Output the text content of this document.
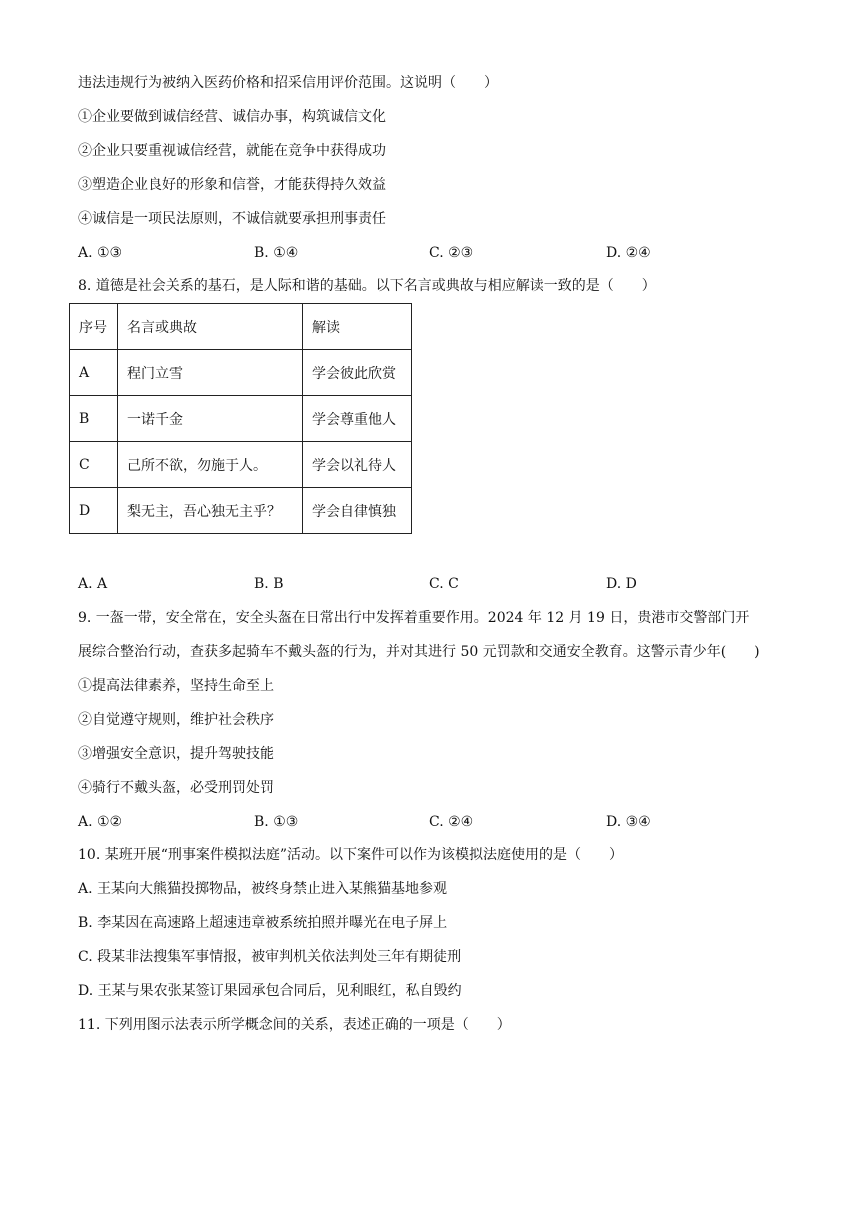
违法违规行为被纳入医药价格和招采信用评价范围。这说明（　　）
①企业要做到诚信经营、诚信办事，构筑诚信文化
②企业只要重视诚信经营，就能在竞争中获得成功
③塑造企业良好的形象和信誉，才能获得持久效益
④诚信是一项民法原则，不诚信就要承担刑事责任
A. ①③	B. ①④	C. ②③	D. ②④
8. 道德是社会关系的基石，是人际和谐的基础。以下名言或典故与相应解读一致的是（　　）
序号	名言或典故	解读
A	程门立雪	学会彼此欣赏
B	一诺千金	学会尊重他人
C	己所不欲，勿施于人。	学会以礼待人
D	梨无主，吾心独无主乎？	学会自律慎独
A. A	B. B	C. C	D. D
9. 一盔一带，安全常在，安全头盔在日常出行中发挥着重要作用。2024 年 12 月 19 日，贵港市交警部门开
展综合整治行动，查获多起骑车不戴头盔的行为，并对其进行 50 元罚款和交通安全教育。这警示青少年(　　)
①提高法律素养，坚持生命至上
②自觉遵守规则，维护社会秩序
③增强安全意识，提升驾驶技能
④骑行不戴头盔，必受刑罚处罚
A. ①②	B. ①③	C. ②④	D. ③④
10. 某班开展“刑事案件模拟法庭”活动。以下案件可以作为该模拟法庭使用的是（　　）
A. 王某向大熊猫投掷物品，被终身禁止进入某熊猫基地参观
B. 李某因在高速路上超速违章被系统拍照并曝光在电子屏上
C. 段某非法搜集军事情报，被审判机关依法判处三年有期徒刑
D. 王某与果农张某签订果园承包合同后，见利眼红，私自毁约
11. 下列用图示法表示所学概念间的关系，表述正确的一项是（　　）
